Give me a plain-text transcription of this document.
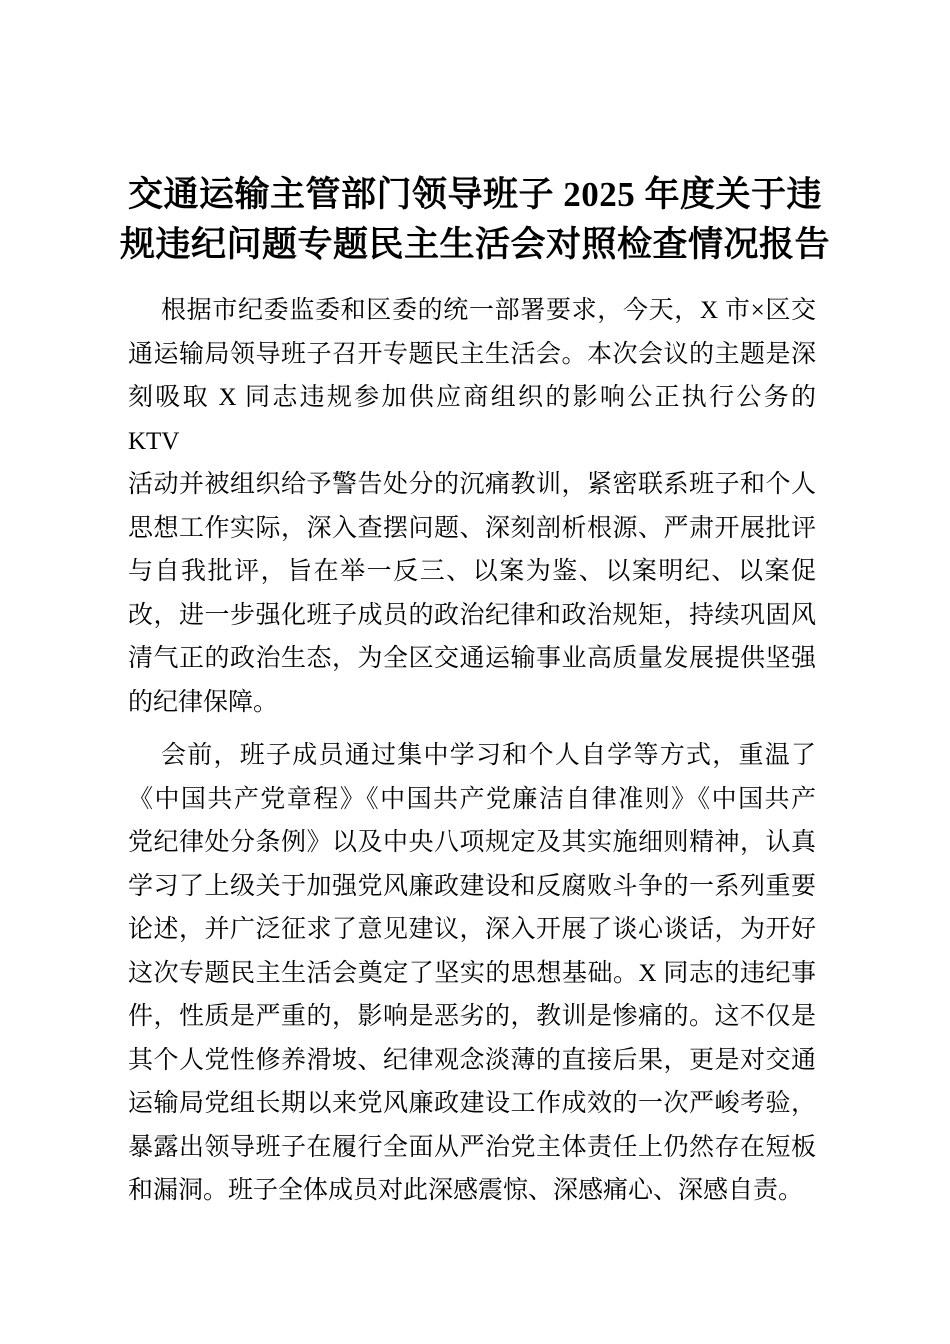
交通运输主管部门领导班子 2025 年度关于违
规违纪问题专题民主生活会对照检查情况报告
根据市纪委监委和区委的统一部署要求，今天，X 市×区交
通运输局领导班子召开专题民主生活会。本次会议的主题是深
刻吸取 X 同志违规参加供应商组织的影响公正执行公务的 KTV
活动并被组织给予警告处分的沉痛教训，紧密联系班子和个人
思想工作实际，深入查摆问题、深刻剖析根源、严肃开展批评
与自我批评，旨在举一反三、以案为鉴、以案明纪、以案促
改，进一步强化班子成员的政治纪律和政治规矩，持续巩固风
清气正的政治生态，为全区交通运输事业高质量发展提供坚强
的纪律保障。
会前，班子成员通过集中学习和个人自学等方式，重温了
《中国共产党章程》《中国共产党廉洁自律准则》《中国共产
党纪律处分条例》以及中央八项规定及其实施细则精神，认真
学习了上级关于加强党风廉政建设和反腐败斗争的一系列重要
论述，并广泛征求了意见建议，深入开展了谈心谈话，为开好
这次专题民主生活会奠定了坚实的思想基础。X 同志的违纪事
件，性质是严重的，影响是恶劣的，教训是惨痛的。这不仅是
其个人党性修养滑坡、纪律观念淡薄的直接后果，更是对交通
运输局党组长期以来党风廉政建设工作成效的一次严峻考验，
暴露出领导班子在履行全面从严治党主体责任上仍然存在短板
和漏洞。班子全体成员对此深感震惊、深感痛心、深感自责。
